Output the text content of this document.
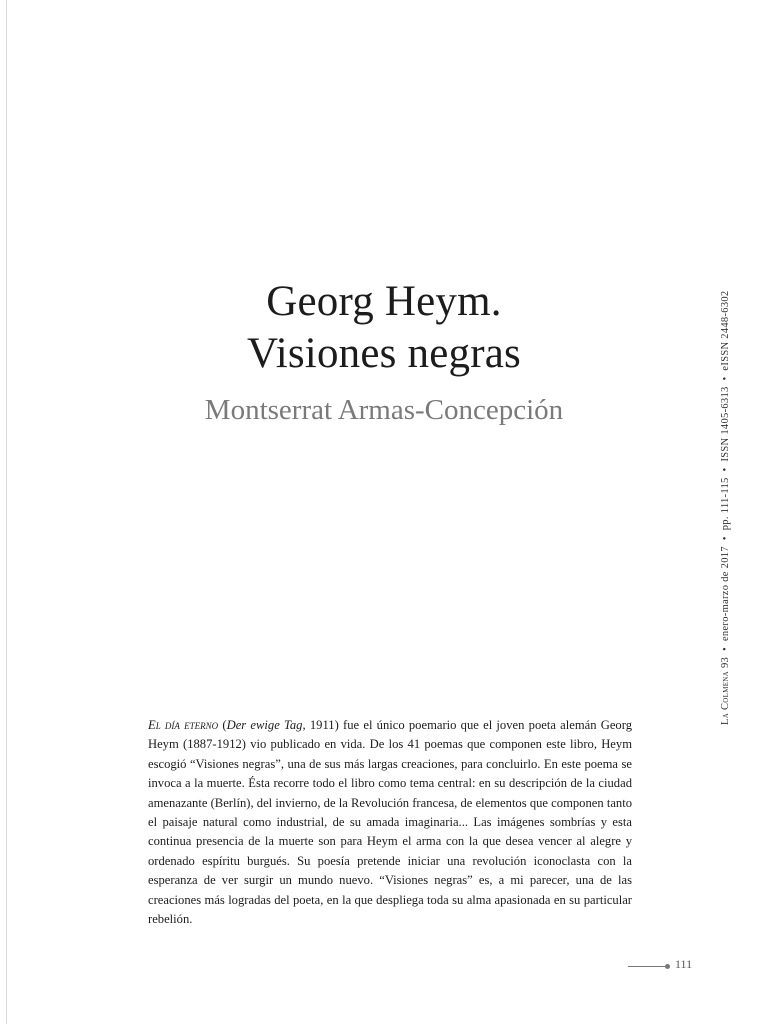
Georg Heym.
Visiones negras
Montserrat Armas-Concepción
La Colmena 93 • enero-marzo de 2017 • pp. 111-115 • ISSN 1405-6313 • eISSN 2448-6302
El día eterno (Der ewige Tag, 1911) fue el único poemario que el joven poeta alemán Georg Heym (1887-1912) vio publicado en vida. De los 41 poemas que componen este libro, Heym escogió “Visiones negras”, una de sus más largas creaciones, para concluirlo. En este poema se invoca a la muerte. Ésta recorre todo el libro como tema central: en su descripción de la ciudad amenazante (Berlín), del invierno, de la Revolución francesa, de elementos que componen tanto el paisaje natural como industrial, de su amada imaginaria... Las imágenes sombrías y esta continua presencia de la muerte son para Heym el arma con la que desea vencer al alegre y ordenado espíritu burgués. Su poesía pretende iniciar una revolución iconoclasta con la esperanza de ver surgir un mundo nuevo. “Visiones negras” es, a mi parecer, una de las creaciones más logradas del poeta, en la que despliega toda su alma apasionada en su particular rebelión.
111
